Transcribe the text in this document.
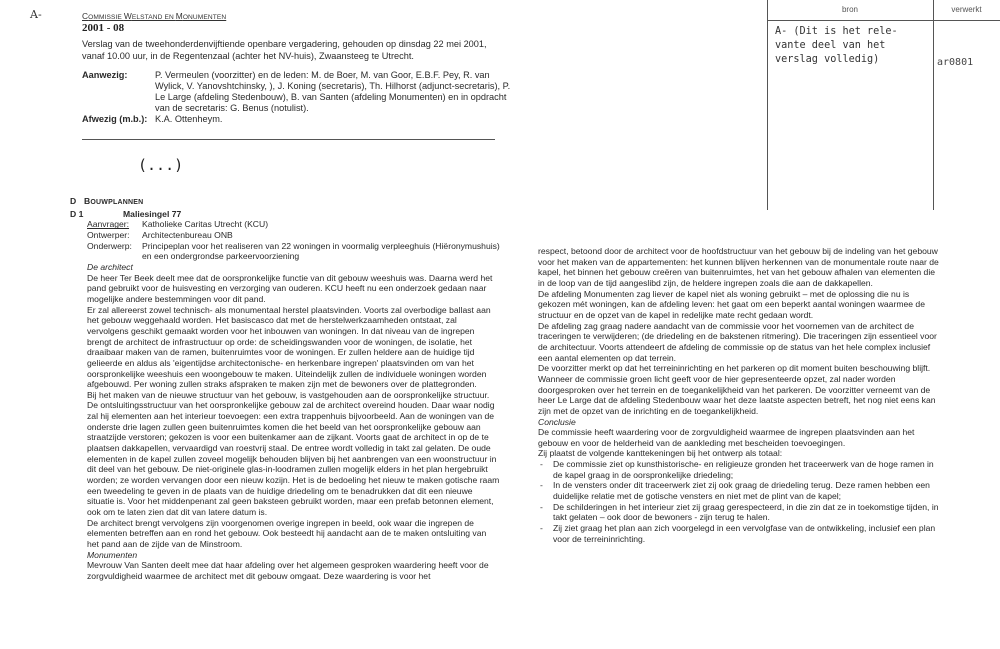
A-	COMMISSIE WELSTAND EN MONUMENTEN
2001 - 08
Verslag van de tweehonderdenvijftiende openbare vergadering, gehouden op dinsdag 22 mei 2001, vanaf 10.00 uur, in de Regentenzaal (achter het NV-huis), Zwaansteeg te Utrecht.
Aanwezig:	P. Vermeulen (voorzitter) en de leden: M. de Boer, M. van Goor, E.B.F. Pey, R. van Wylick, V. Yanovshtchinsky, ), J. Koning (secretaris), Th. Hilhorst (adjunct-secretaris), P. Le Large (afdeling Stedenbouw), B. van Santen (afdeling Monumenten) en in opdracht van de secretaris: G. Benus (notulist).
Afwezig (m.b.): K.A. Ottenheym.
(...)
D BOUWPLANNEN
D 1	Maliesingel 77
Aanvrager:	Katholieke Caritas Utrecht (KCU)
Ontwerper:	Architectenbureau ONB
Onderwerp:	Principeplan voor het realiseren van 22 woningen in voormalig verpleeghuis (Hiëronymushuis) en een ondergrondse parkeervoorziening
De architect
De heer Ter Beek deelt mee dat de oorspronkelijke functie van dit gebouw weeshuis was. Daarna werd het pand gebruikt voor de huisvesting en verzorging van ouderen. KCU heeft nu een onderzoek gedaan naar mogelijke andere bestemmingen voor dit pand.
Er zal allereerst zowel technisch- als monumentaal herstel plaatsvinden. Voorts zal overbodige ballast aan het gebouw weggehaald worden. Het basiscasco dat met de herstelwerkzaamheden ontstaat, zal vervolgens geschikt gemaakt worden voor het inbouwen van woningen. In dat niveau van de ingrepen brengt de architect de infrastructuur op orde: de scheidingswanden voor de woningen, de isolatie, het draaibaar maken van de ramen, buitenruimtes voor de woningen. Er zullen heldere aan de huidige tijd gelieerde en aldus als 'eigentijdse architectonische- en herkenbare ingrepen' plaatsvinden om van het oorspronkelijke weeshuis een woongebouw te maken. Uiteindelijk zullen de individuele woningen worden afgebouwd. Per woning zullen straks afspraken te maken zijn met de bewoners over de plattegronden.
Bij het maken van de nieuwe structuur van het gebouw, is vastgehouden aan de oorspronkelijke structuur. De ontsluitingsstructuur van het oorspronkelijke gebouw zal de architect overeind houden. Daar waar nodig zal hij elementen aan het interieur toevoegen: een extra trappenhuis bijvoorbeeld. Aan de woningen van de onderste drie lagen zullen geen buitenruimtes komen die het beeld van het oorspronkelijke gebouw aan straatzijde verstoren; gekozen is voor een buitenkamer aan de zijkant. Voorts gaat de architect in op de te plaatsen dakkapellen, vervaardigd van roestvrij staal. De entree wordt volledig in takt zal gelaten. De oude elementen in de kapel zullen zoveel mogelijk behouden blijven bij het aanbrengen van een woonstructuur in dit deel van het gebouw. De niet-originele glas-in-loodramen zullen mogelijk elders in het plan hergebruikt worden; ze worden vervangen door een nieuw kozijn. Het is de bedoeling het nieuw te maken gotische raam een tweedeling te geven in de plaats van de huidige driedeling om te benadrukken dat dit een nieuwe situatie is. Voor het middenpenant zal geen baksteen gebruikt worden, maar een prefab betonnen element, ook om te laten zien dat dit van latere datum is.
De architect brengt vervolgens zijn voorgenomen overige ingrepen in beeld, ook waar die ingrepen de elementen betreffen aan en rond het gebouw. Ook besteedt hij aandacht aan de te maken ontsluiting van het pand aan de zijde van de Minstroom.
Monumenten
Mevrouw Van Santen deelt mee dat haar afdeling over het algemeen gesproken waardering heeft voor de zorgvuldigheid waarmee de architect met dit gebouw omgaat. Deze waardering is voor het
respect, betoond door de architect voor de hoofdstructuur van het gebouw bij de indeling van het gebouw voor het maken van de appartementen: het kunnen blijven herkennen van de monumentale route naar de kapel, het binnen het gebouw creëren van buitenruimtes, het van het gebouw afhalen van elementen die in de loop van de tijd aangeslibd zijn, de heldere ingrepen zoals die aan de dakkapellen.
De afdeling Monumenten zag liever de kapel niet als woning gebruikt – met de oplossing die nu is gekozen mét woningen, kan de afdeling leven: het gaat om een beperkt aantal woningen waarmee de structuur en de opzet van de kapel in redelijke mate recht gedaan wordt.
De afdeling zag graag nadere aandacht van de commissie voor het voornemen van de architect de traceringen te verwijderen; (de driedeling en de bakstenen ritmering). Die traceringen zijn essentieel voor de architectuur. Voorts attendeert de afdeling de commissie op de status van het hele complex inclusief een aantal elementen op dat terrein.
De voorzitter merkt op dat het terreininrichting en het parkeren op dit moment buiten beschouwing blijft. Wanneer de commissie groen licht geeft voor de hier gepresenteerde opzet, zal nader worden doorgesproken over het terrein en de toegankelijkheid van het parkeren. De voorzitter verneemt van de heer Le Large dat de afdeling Stedenbouw waar het deze laatste aspecten betreft, het nog niet eens kan zijn met de opzet van de inrichting en de toegankelijkheid.
Conclusie
De commissie heeft waardering voor de zorgvuldigheid waarmee de ingrepen plaatsvinden aan het gebouw en voor de helderheid van de aankleding met bescheiden toevoegingen.
Zij plaatst de volgende kanttekeningen bij het ontwerp als totaal:
-	De commissie ziet op kunsthistorische- en religieuze gronden het traceerwerk van de hoge ramen in de kapel graag in de oorspronkelijke driedeling;
-	In de vensters onder dit traceerwerk ziet zij ook graag de driedeling terug. Deze ramen hebben een duidelijke relatie met de gotische vensters en niet met de plint van de kapel;
-	De schilderingen in het interieur ziet zij graag gerespecteerd, in die zin dat ze in toekomstige tijden, in takt gelaten – ook door de bewoners - zijn terug te halen.
-	Zij ziet graag het plan aan zich voorgelegd in een vervolgfase van de ontwikkeling, inclusief een plan voor de terreininrichting.
bron	verwerkt
A- (Dit is het rele-
vante deel van het
verslag volledig)	ar0801
